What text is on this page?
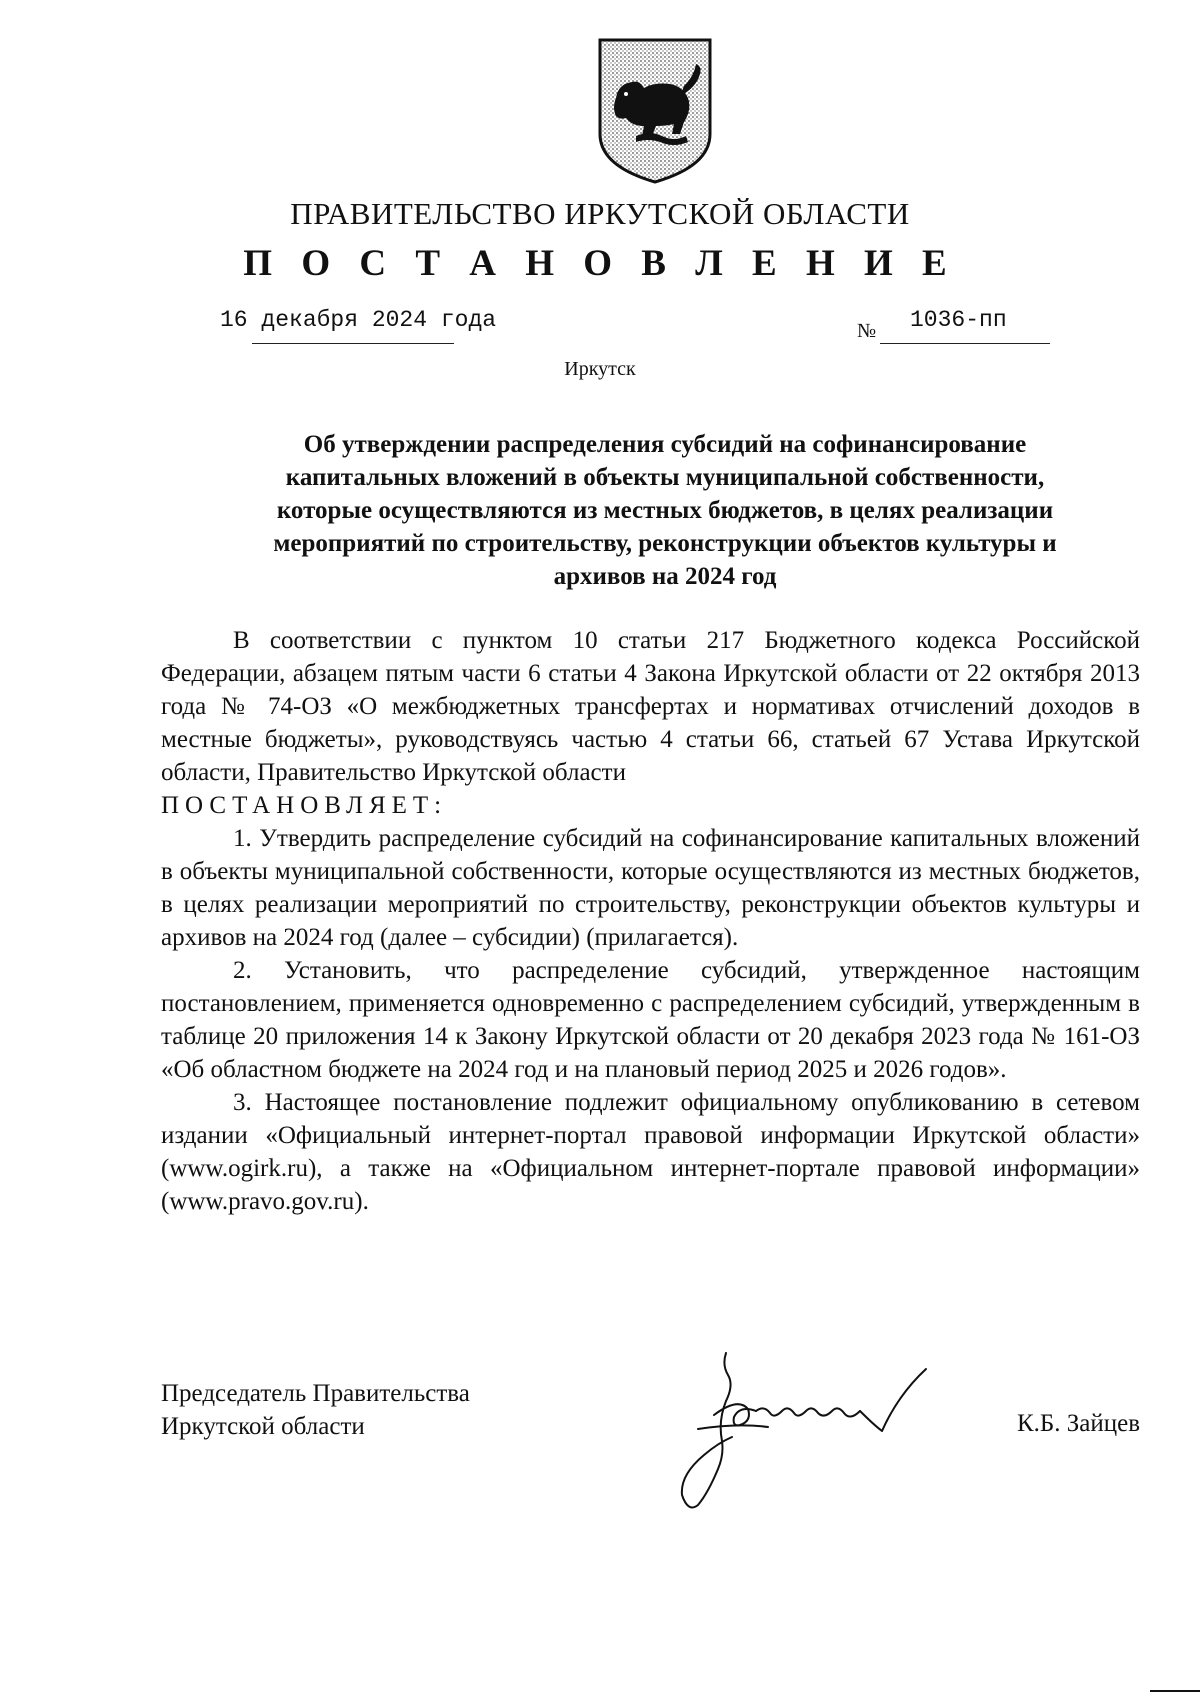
ПРАВИТЕЛЬСТВО ИРКУТСКОЙ ОБЛАСТИ
П О С Т А Н О В Л Е Н И Е
16 декабря 2024 года	№ 1036-пп
Иркутск
Об утверждении распределения субсидий на софинансирование
капитальных вложений в объекты муниципальной собственности,
которые осуществляются из местных бюджетов, в целях реализации
мероприятий по строительству, реконструкции объектов культуры и
архивов на 2024 год

В соответствии с пунктом 10 статьи 217 Бюджетного кодекса Российской Федерации, абзацем пятым части 6 статьи 4 Закона Иркутской области от 22 октября 2013 года № 74-ОЗ «О межбюджетных трансфертах и нормативах отчислений доходов в местные бюджеты», руководствуясь частью 4 статьи 66, статьей 67 Устава Иркутской области, Правительство Иркутской области

ПОСТАНОВЛЯЕТ:

1. Утвердить распределение субсидий на софинансирование капитальных вложений в объекты муниципальной собственности, которые осуществляются из местных бюджетов, в целях реализации мероприятий по строительству, реконструкции объектов культуры и архивов на 2024 год (далее – субсидии) (прилагается).

2. Установить, что распределение субсидий, утвержденное настоящим постановлением, применяется одновременно с распределением субсидий, утвержденным в таблице 20 приложения 14 к Закону Иркутской области от 20 декабря 2023 года № 161-ОЗ «Об областном бюджете на 2024 год и на плановый период 2025 и 2026 годов».

3. Настоящее постановление подлежит официальному опубликованию в сетевом издании «Официальный интернет-портал правовой информации Иркутской области» (www.ogirk.ru), а также на «Официальном интернет-портале правовой информации» (www.pravo.gov.ru).

Председатель Правительства
Иркутской области	К.Б. Зайцев
